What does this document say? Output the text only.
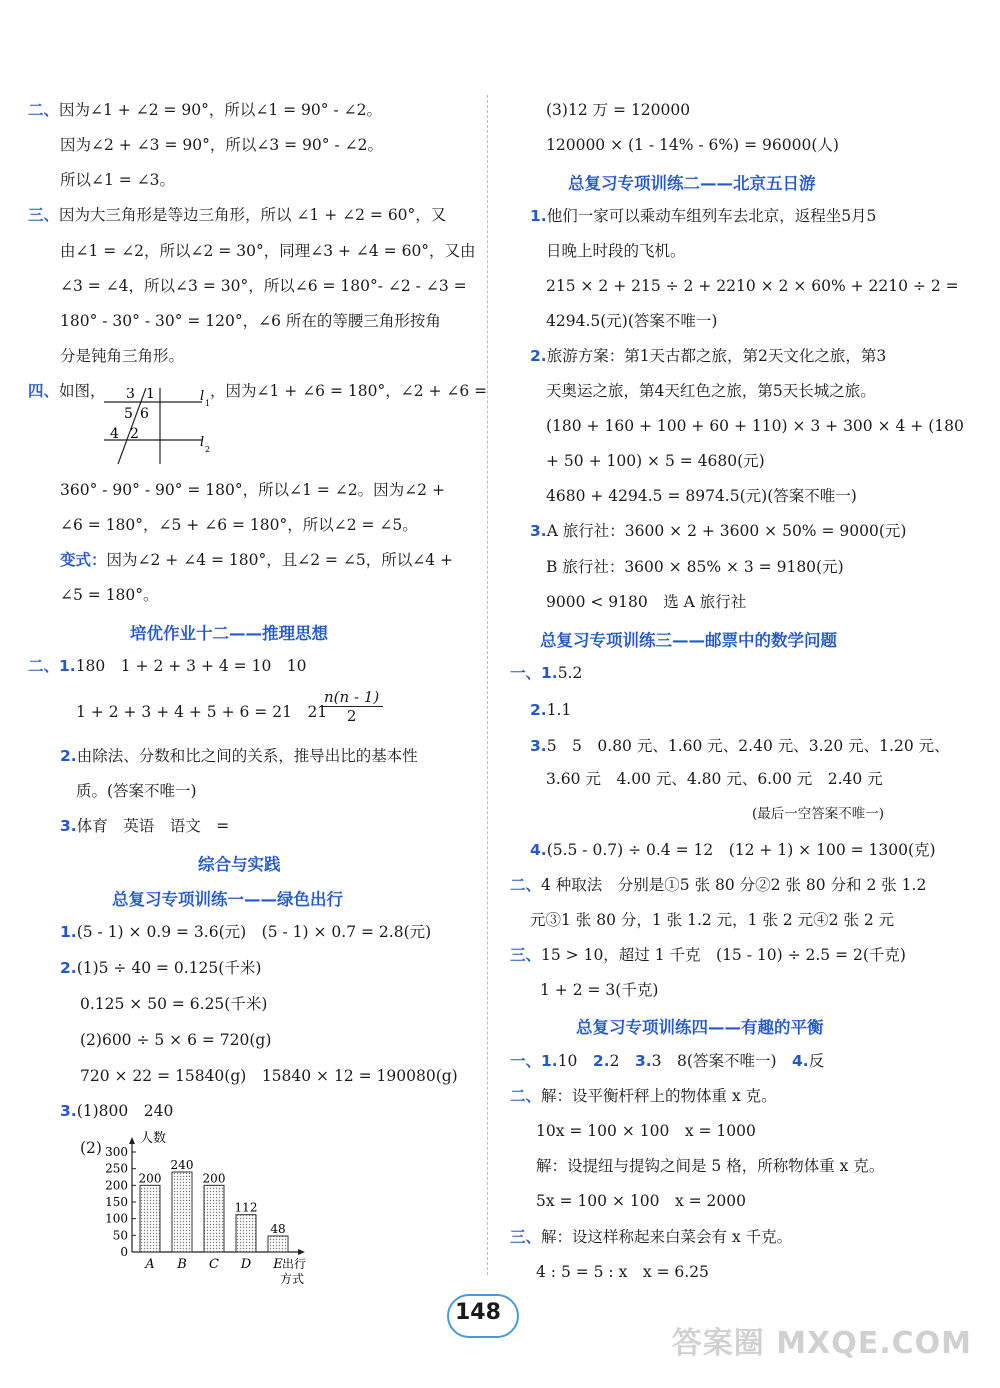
二、因为∠1 + ∠2 = 90°，所以∠1 = 90° - ∠2。
因为∠2 + ∠3 = 90°，所以∠3 = 90° - ∠2。
所以∠1 = ∠3。
三、因为大三角形是等边三角形，所以 ∠1 + ∠2 = 60°，又
由∠1 = ∠2，所以∠2 = 30°，同理∠3 + ∠4 = 60°，又由
∠3 = ∠4，所以∠3 = 30°，所以∠6 = 180°- ∠2 - ∠3 =
180° - 30° - 30° = 120°，∠6 所在的等腰三角形按角
分是钝角三角形。
四、如图，	，因为∠1 + ∠6 = 180°，∠2 + ∠6 =
3 1
5 6
4 2
l 1
l 2
360° - 90° - 90° = 180°，所以∠1 = ∠2。因为∠2 +
∠6 = 180°，∠5 + ∠6 = 180°，所以∠2 = ∠5。
变式：因为∠2 + ∠4 = 180°，且∠2 = ∠5，所以∠4 +
∠5 = 180°。
培优作业十二——推理思想
二、1.180　1 + 2 + 3 + 4 = 10　10
1 + 2 + 3 + 4 + 5 + 6 = 21　21
$\frac{n(n - 1)}{2}$
2.由除法、分数和比之间的关系，推导出比的基本性
质。(答案不唯一)
3.体育　英语　语文　=
综合与实践
总复习专项训练一——绿色出行
1.(5 - 1) × 0.9 = 3.6(元)　(5 - 1) × 0.7 = 2.8(元)
2.(1)5 ÷ 40 = 0.125(千米)
0.125 × 50 = 6.25(千米)
(2)600 ÷ 5 × 6 = 720(g)
720 × 22 = 15840(g)　15840 × 12 = 190080(g)
3.(1)800　240
(2)
人数
出行
方式
0
50
100
150
200
250
300
200
A
240
B
200
C
112
D
48
E
(3)12 万 = 120000
120000 × (1 - 14% - 6%) = 96000(人)
总复习专项训练二——北京五日游
1.他们一家可以乘动车组列车去北京，返程坐5月5
日晚上时段的飞机。
215 × 2 + 215 ÷ 2 + 2210 × 2 × 60% + 2210 ÷ 2 =
4294.5(元)(答案不唯一)
2.旅游方案：第1天古都之旅，第2天文化之旅，第3
天奥运之旅，第4天红色之旅，第5天长城之旅。
(180 + 160 + 100 + 60 + 110) × 3 + 300 × 4 + (180
+ 50 + 100) × 5 = 4680(元)
4680 + 4294.5 = 8974.5(元)(答案不唯一)
3.A 旅行社：3600 × 2 + 3600 × 50% = 9000(元)
B 旅行社：3600 × 85% × 3 = 9180(元)
9000 < 9180　选 A 旅行社
总复习专项训练三——邮票中的数学问题
一、1.5.2
2.1.1
3.5　5　0.80 元、1.60 元、2.40 元、3.20 元、1.20 元、
3.60 元　4.00 元、4.80 元、6.00 元　2.40 元
(最后一空答案不唯一)
4.(5.5 - 0.7) ÷ 0.4 = 12　(12 + 1) × 100 = 1300(克)
二、4 种取法　分别是①5 张 80 分②2 张 80 分和 2 张 1.2
元③1 张 80 分，1 张 1.2 元，1 张 2 元④2 张 2 元
三、15 > 10，超过 1 千克　(15 - 10) ÷ 2.5 = 2(千克)
1 + 2 = 3(千克)
总复习专项训练四——有趣的平衡
一、1.10　2.2　3.3　8(答案不唯一)　4.反
二、解：设平衡杆秤上的物体重 x 克。
10x = 100 × 100　x = 1000
解：设提纽与提钩之间是 5 格，所称物体重 x 克。
5x = 100 × 100　x = 2000
三、解：设这样称起来白菜会有 x 千克。
4 : 5 = 5 : x　x = 6.25
148
答案圈 MXQE.COM
